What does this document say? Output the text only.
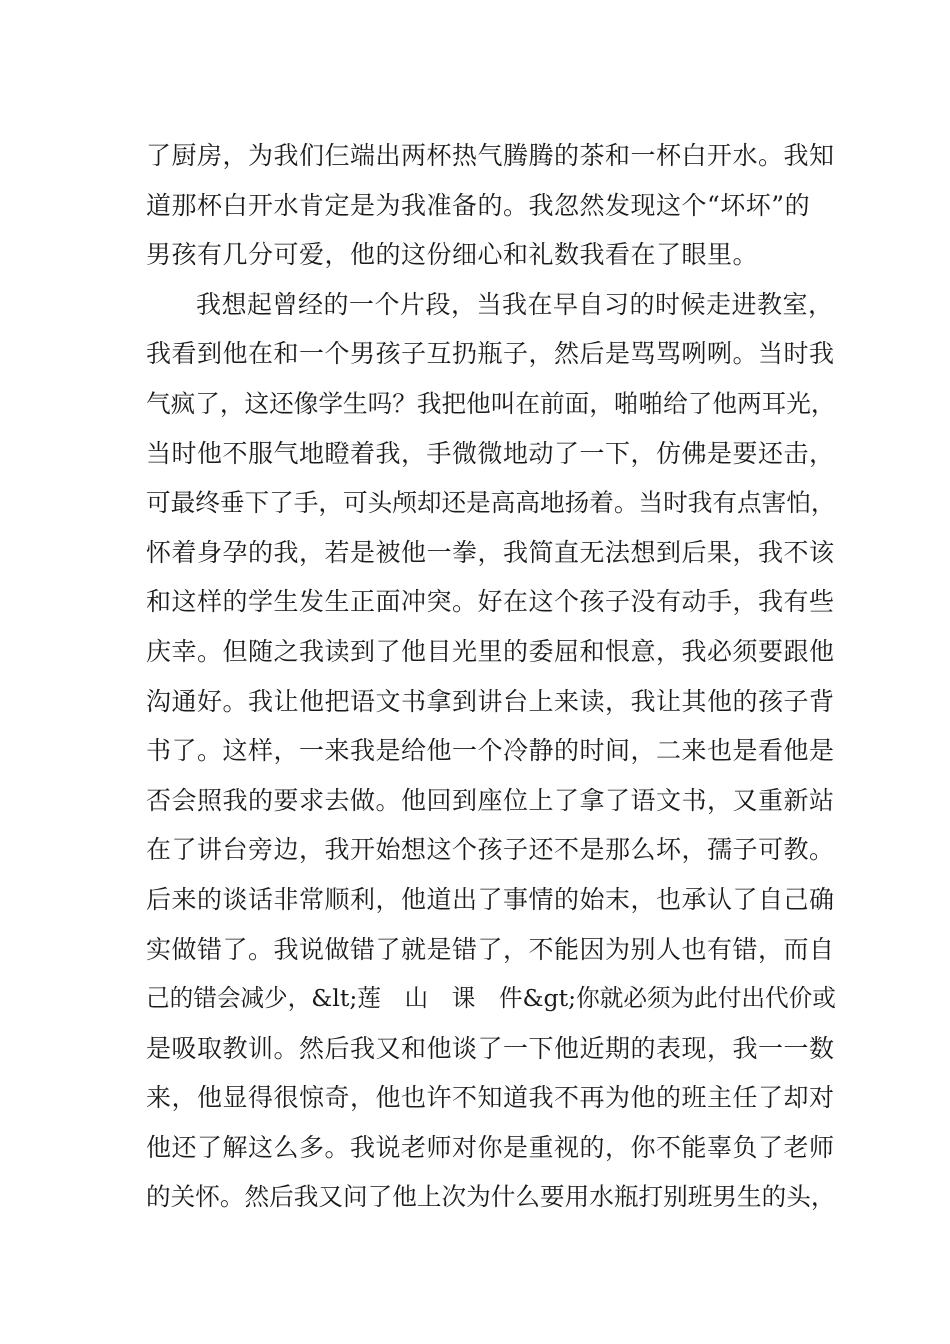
了厨房，为我们仨端出两杯热气腾腾的茶和一杯白开水。我知
道那杯白开水肯定是为我准备的。我忽然发现这个“坏坏”的
男孩有几分可爱，他的这份细心和礼数我看在了眼里。
我想起曾经的一个片段，当我在早自习的时候走进教室，
我看到他在和一个男孩子互扔瓶子，然后是骂骂咧咧。当时我
气疯了，这还像学生吗？我把他叫在前面，啪啪给了他两耳光，
当时他不服气地瞪着我，手微微地动了一下，仿佛是要还击，
可最终垂下了手，可头颅却还是高高地扬着。当时我有点害怕，
怀着身孕的我，若是被他一拳，我简直无法想到后果，我不该
和这样的学生发生正面冲突。好在这个孩子没有动手，我有些
庆幸。但随之我读到了他目光里的委屈和恨意，我必须要跟他
沟通好。我让他把语文书拿到讲台上来读，我让其他的孩子背
书了。这样，一来我是给他一个冷静的时间，二来也是看他是
否会照我的要求去做。他回到座位上了拿了语文书，又重新站
在了讲台旁边，我开始想这个孩子还不是那么坏，孺子可教。
后来的谈话非常顺利，他道出了事情的始末，也承认了自己确
实做错了。我说做错了就是错了，不能因为别人也有错，而自
己的错会减少，&lt;莲　山　课　件&gt;你就必须为此付出代价或
是吸取教训。然后我又和他谈了一下他近期的表现，我一一数
来，他显得很惊奇，他也许不知道我不再为他的班主任了却对
他还了解这么多。我说老师对你是重视的，你不能辜负了老师
的关怀。然后我又问了他上次为什么要用水瓶打别班男生的头，
